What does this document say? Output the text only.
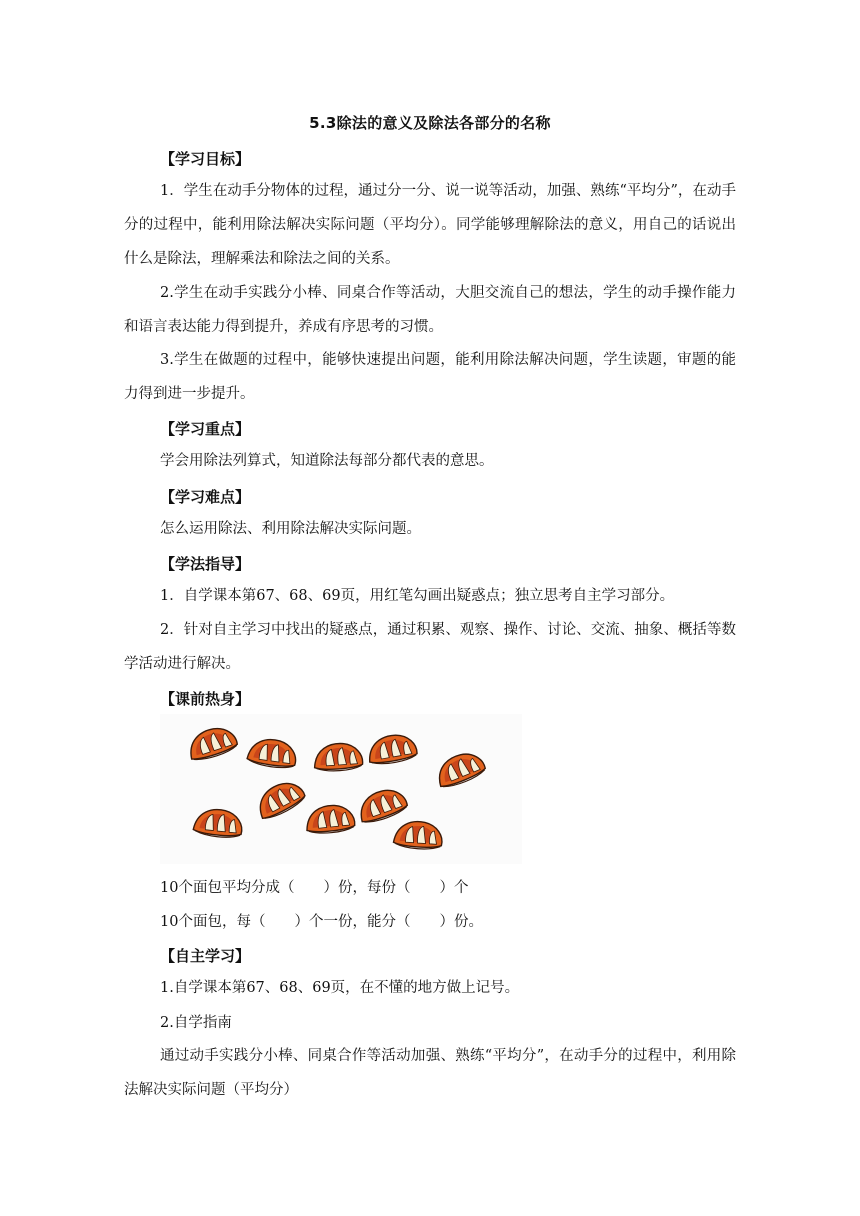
5.3除法的意义及除法各部分的名称
【学习目标】
1．学生在动手分物体的过程，通过分一分、说一说等活动，加强、熟练“平均分”，在动手分的过程中，能利用除法解决实际问题（平均分）。同学能够理解除法的意义，用自己的话说出什么是除法，理解乘法和除法之间的关系。
2.学生在动手实践分小棒、同桌合作等活动，大胆交流自己的想法，学生的动手操作能力和语言表达能力得到提升，养成有序思考的习惯。
3.学生在做题的过程中，能够快速提出问题，能利用除法解决问题，学生读题，审题的能力得到进一步提升。
【学习重点】
学会用除法列算式，知道除法每部分都代表的意思。
【学习难点】
怎么运用除法、利用除法解决实际问题。
【学法指导】
1．自学课本第67、68、69页，用红笔勾画出疑惑点；独立思考自主学习部分。
2．针对自主学习中找出的疑惑点，通过积累、观察、操作、讨论、交流、抽象、概括等数学活动进行解决。
【课前热身】
10个面包平均分成（　　）份，每份（　　）个
10个面包，每（　　）个一份，能分（　　）份。
【自主学习】
1.自学课本第67、68、69页，在不懂的地方做上记号。
2.自学指南
通过动手实践分小棒、同桌合作等活动加强、熟练“平均分”，在动手分的过程中，利用除法解决实际问题（平均分）
